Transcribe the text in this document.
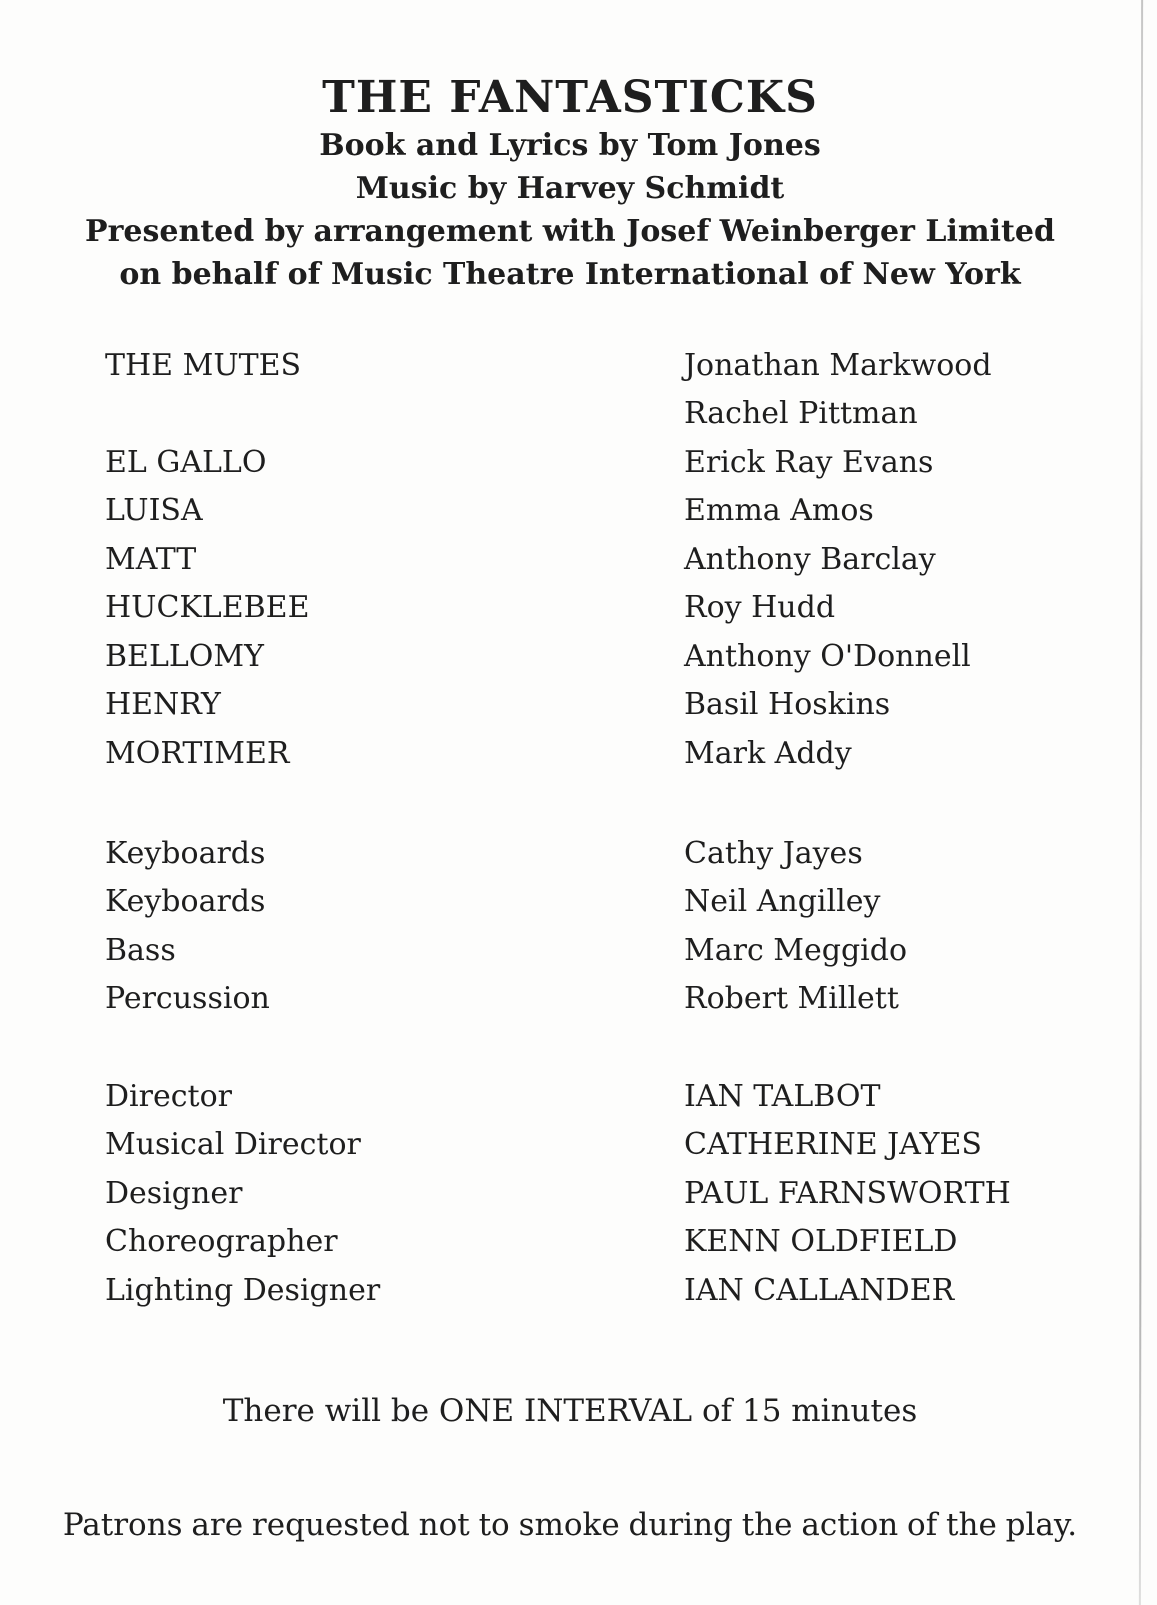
THE FANTASTICKS
Book and Lyrics by Tom Jones
Music by Harvey Schmidt
Presented by arrangement with Josef Weinberger Limited
on behalf of Music Theatre International of New York
THE MUTES	Jonathan Markwood
Rachel Pittman
EL GALLO	Erick Ray Evans
LUISA	Emma Amos
MATT	Anthony Barclay
HUCKLEBEE	Roy Hudd
BELLOMY	Anthony O'Donnell
HENRY	Basil Hoskins
MORTIMER	Mark Addy
Keyboards	Cathy Jayes
Keyboards	Neil Angilley
Bass	Marc Meggido
Percussion	Robert Millett
Director	IAN TALBOT
Musical Director	CATHERINE JAYES
Designer	PAUL FARNSWORTH
Choreographer	KENN OLDFIELD
Lighting Designer	IAN CALLANDER
There will be ONE INTERVAL of 15 minutes
Patrons are requested not to smoke during the action of the play.
